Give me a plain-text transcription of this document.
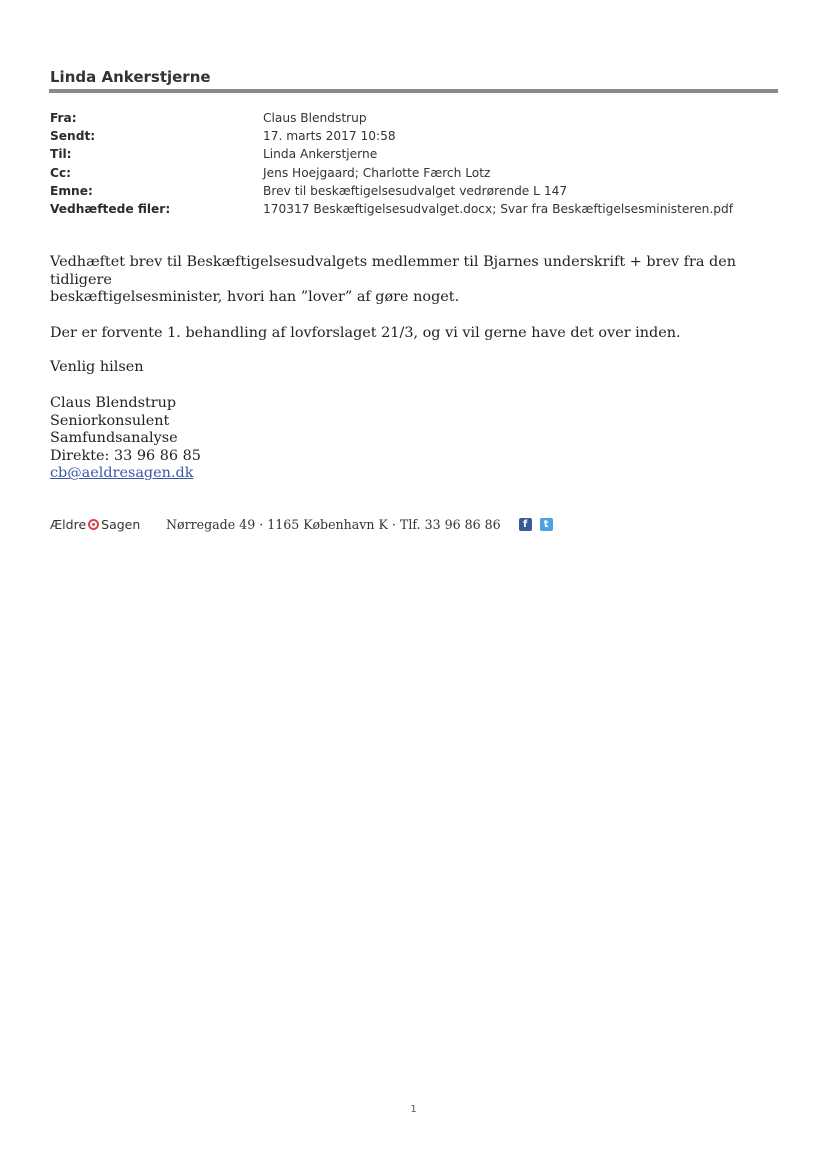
Linda Ankerstjerne
Fra:	Claus Blendstrup
Sendt:	17. marts 2017 10:58
Til:	Linda Ankerstjerne
Cc:	Jens Hoejgaard; Charlotte Færch Lotz
Emne:	Brev til beskæftigelsesudvalget vedrørende L 147
Vedhæftede filer:	170317 Beskæftigelsesudvalget.docx; Svar fra Beskæftigelsesministeren.pdf

Vedhæftet brev til Beskæftigelsesudvalgets medlemmer til Bjarnes underskrift + brev fra den tidligere
beskæftigelsesminister, hvori han ”lover” af gøre noget.

Der er forvente 1. behandling af lovforslaget 21/3, og vi vil gerne have det over inden.

Venlig hilsen

Claus Blendstrup
Seniorkonsulent
Samfundsanalyse
Direkte: 33 96 86 85
cb@aeldresagen.dk

Ældre Sagen Nørregade 49 · 1165 København K · Tlf. 33 96 86 86	f	t
1
